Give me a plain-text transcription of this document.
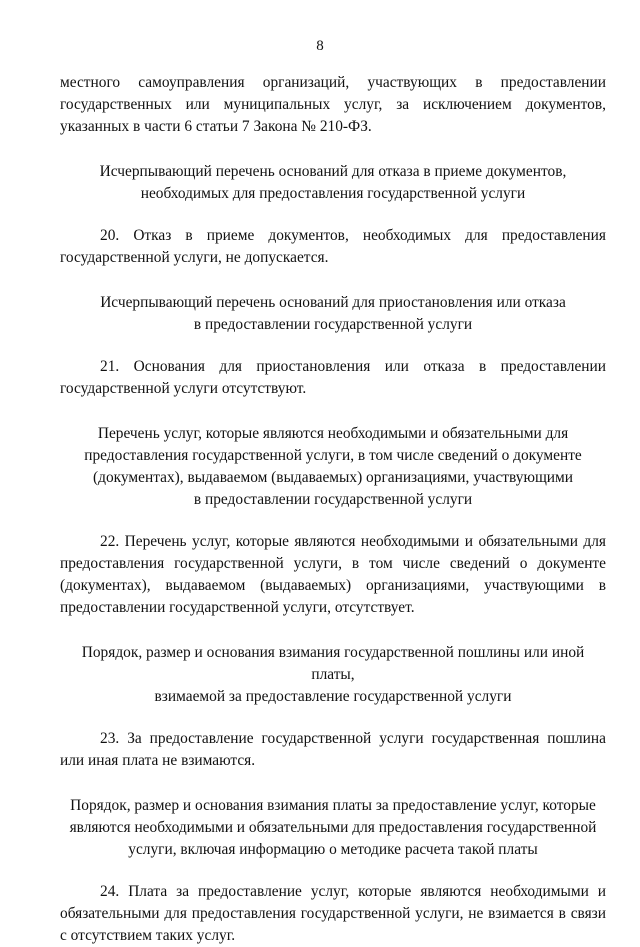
8

местного самоуправления организаций, участвующих в предоставлении государственных или муниципальных услуг, за исключением документов, указанных в части 6 статьи 7 Закона № 210-ФЗ.

Исчерпывающий перечень оснований для отказа в приеме документов,
необходимых для предоставления государственной услуги

20. Отказ в приеме документов, необходимых для предоставления государственной услуги, не допускается.

Исчерпывающий перечень оснований для приостановления или отказа
в предоставлении государственной услуги

21. Основания для приостановления или отказа в предоставлении государственной услуги отсутствуют.

Перечень услуг, которые являются необходимыми и обязательными для
предоставления государственной услуги, в том числе сведений о документе
(документах), выдаваемом (выдаваемых) организациями, участвующими
в предоставлении государственной услуги

22. Перечень услуг, которые являются необходимыми и обязательными для предоставления государственной услуги, в том числе сведений о документе (документах), выдаваемом (выдаваемых) организациями, участвующими в предоставлении государственной услуги, отсутствует.

Порядок, размер и основания взимания государственной пошлины или иной платы,
взимаемой за предоставление государственной услуги

23. За предоставление государственной услуги государственная пошлина или иная плата не взимаются.

Порядок, размер и основания взимания платы за предоставление услуг, которые
являются необходимыми и обязательными для предоставления государственной
услуги, включая информацию о методике расчета такой платы

24. Плата за предоставление услуг, которые являются необходимыми и обязательными для предоставления государственной услуги, не взимается в связи с отсутствием таких услуг.
